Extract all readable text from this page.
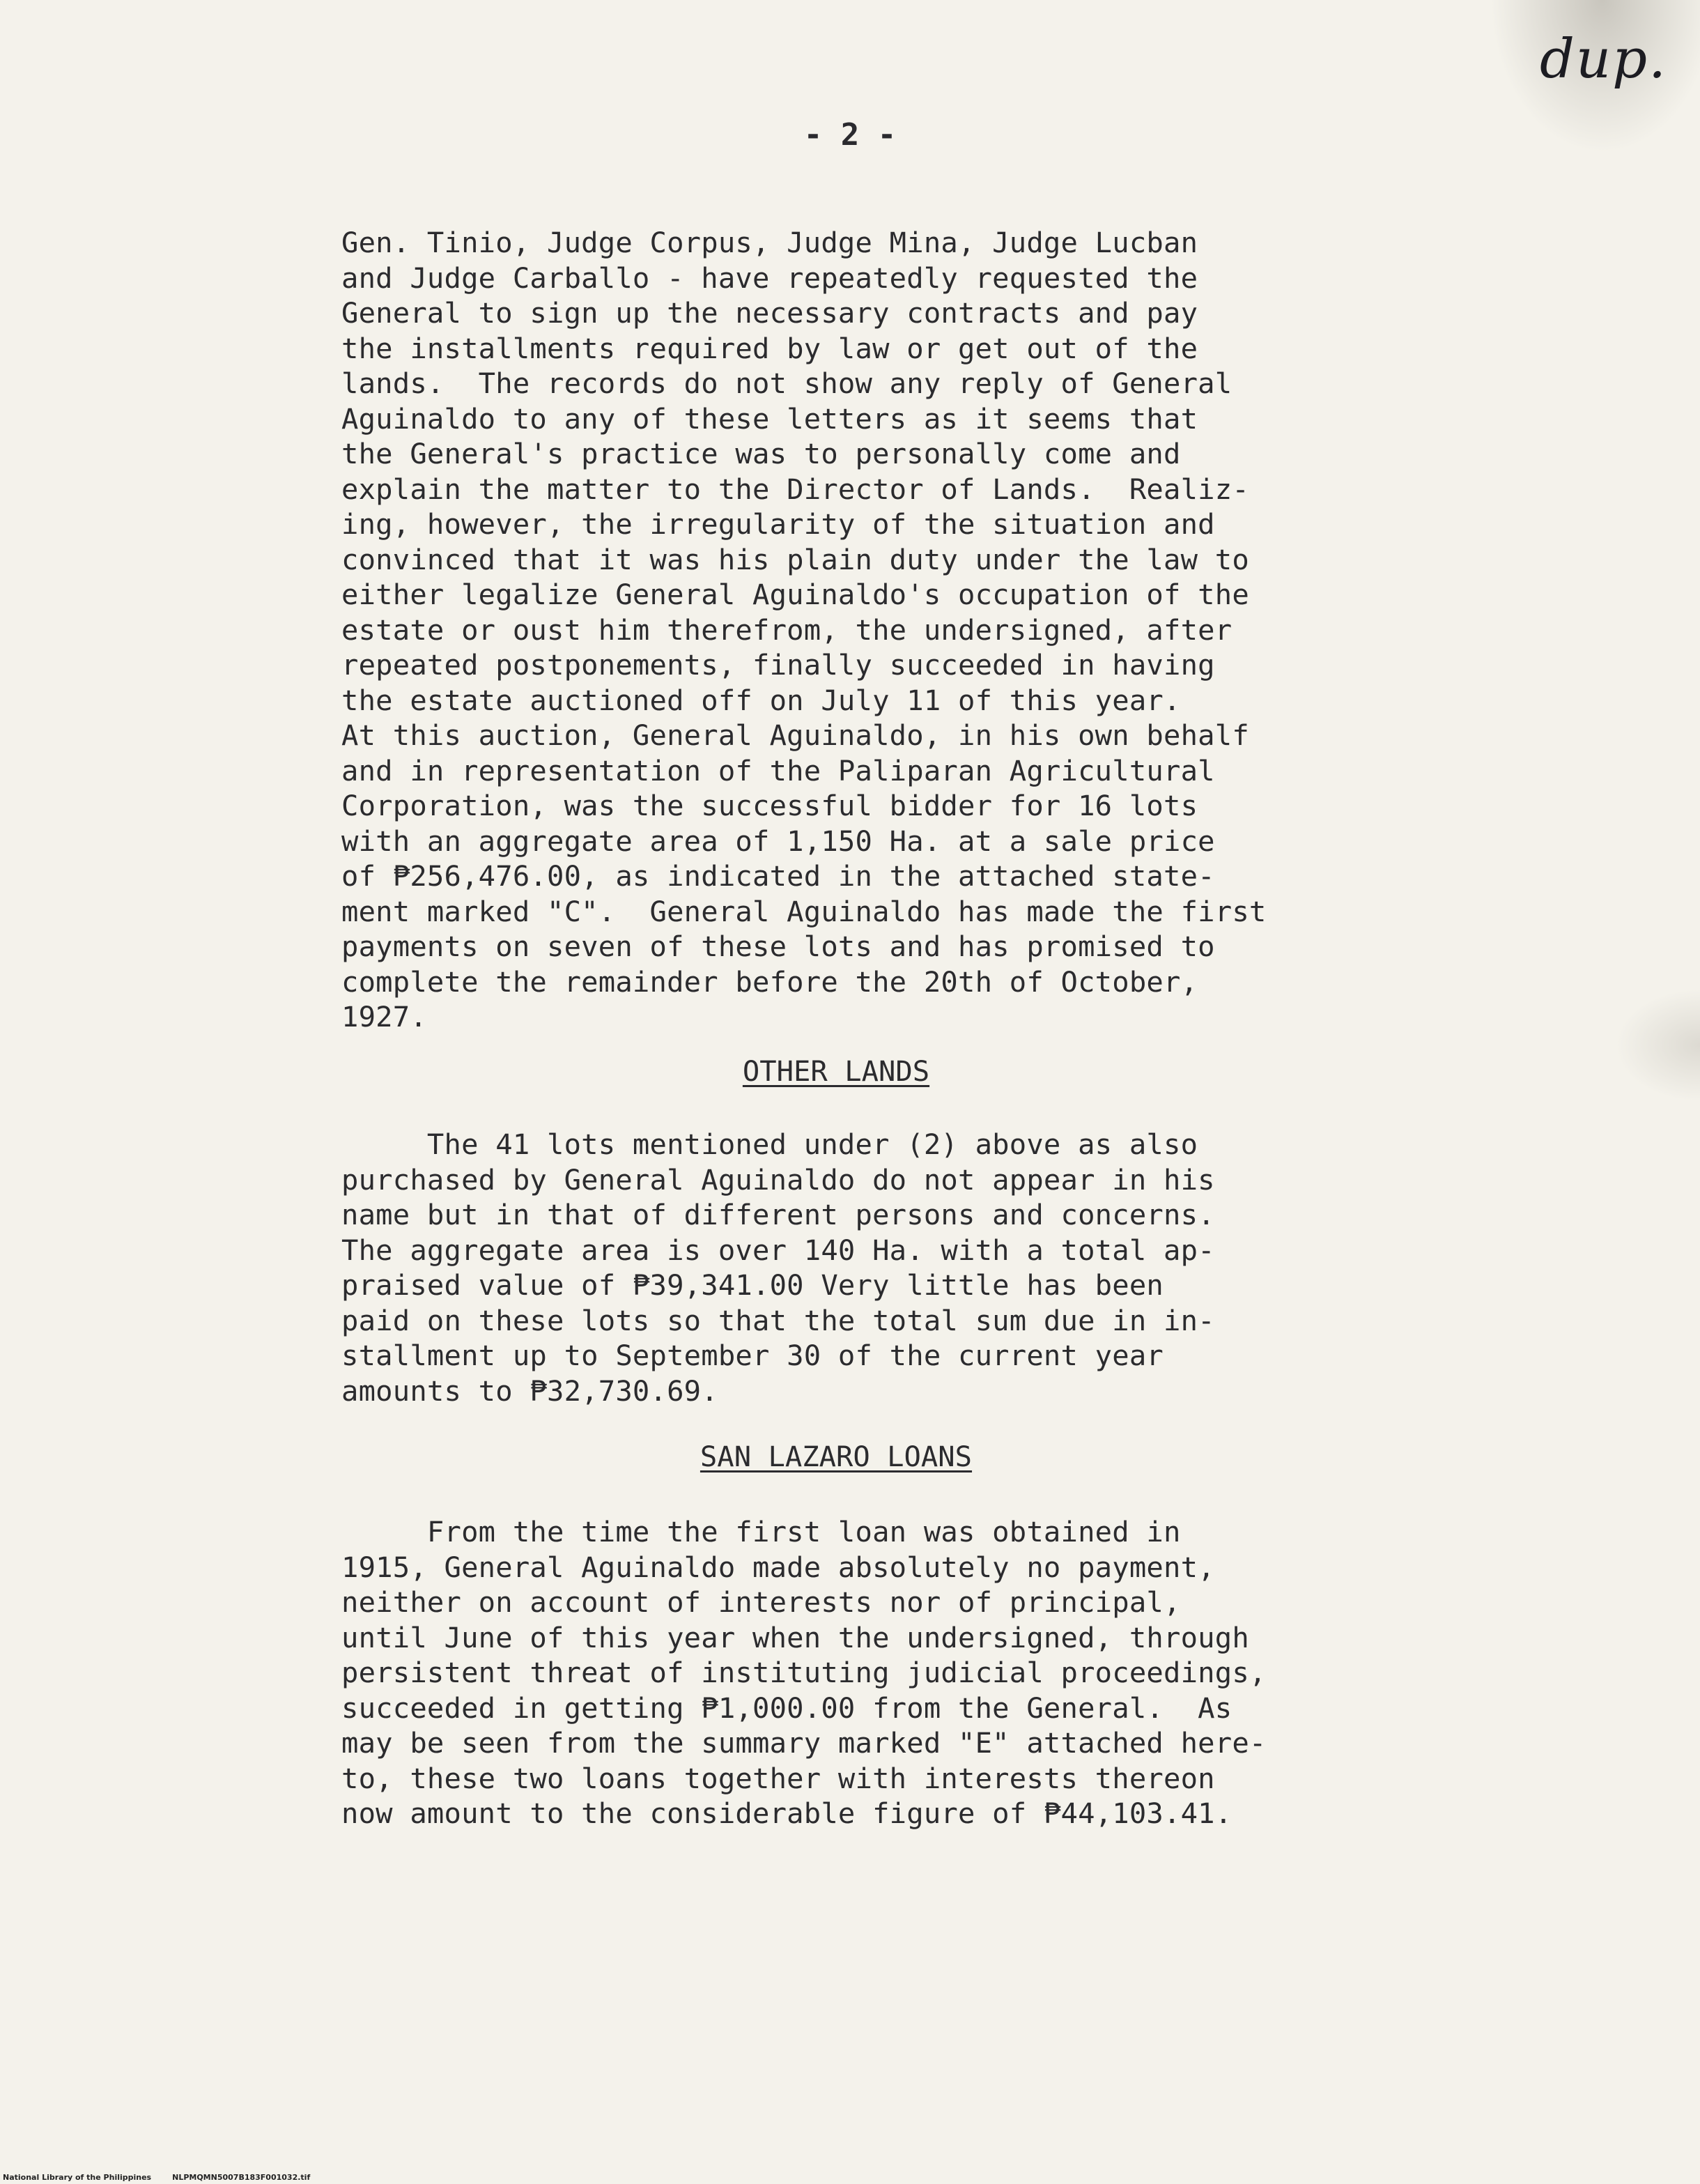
dup.
- 2 -
Gen. Tinio, Judge Corpus, Judge Mina, Judge Lucban
and Judge Carballo - have repeatedly requested the
General to sign up the necessary contracts and pay
the installments required by law or get out of the
lands.  The records do not show any reply of General
Aguinaldo to any of these letters as it seems that
the General's practice was to personally come and
explain the matter to the Director of Lands.  Realiz-
ing, however, the irregularity of the situation and
convinced that it was his plain duty under the law to
either legalize General Aguinaldo's occupation of the
estate or oust him therefrom, the undersigned, after
repeated postponements, finally succeeded in having
the estate auctioned off on July 11 of this year.
At this auction, General Aguinaldo, in his own behalf
and in representation of the Paliparan Agricultural
Corporation, was the successful bidder for 16 lots
with an aggregate area of 1,150 Ha. at a sale price
of ₱256,476.00, as indicated in the attached state-
ment marked "C".  General Aguinaldo has made the first
payments on seven of these lots and has promised to
complete the remainder before the 20th of October,
1927.
OTHER LANDS
The 41 lots mentioned under (2) above as also
purchased by General Aguinaldo do not appear in his
name but in that of different persons and concerns.
The aggregate area is over 140 Ha. with a total ap-
praised value of ₱39,341.00 Very little has been
paid on these lots so that the total sum due in in-
stallment up to September 30 of the current year
amounts to ₱32,730.69.
SAN LAZARO LOANS
From the time the first loan was obtained in
1915, General Aguinaldo made absolutely no payment,
neither on account of interests nor of principal,
until June of this year when the undersigned, through
persistent threat of instituting judicial proceedings,
succeeded in getting ₱1,000.00 from the General.  As
may be seen from the summary marked "E" attached here-
to, these two loans together with interests thereon
now amount to the considerable figure of ₱44,103.41.
National Library of the Philippines	NLPMQMN5007B183F001032.tif
